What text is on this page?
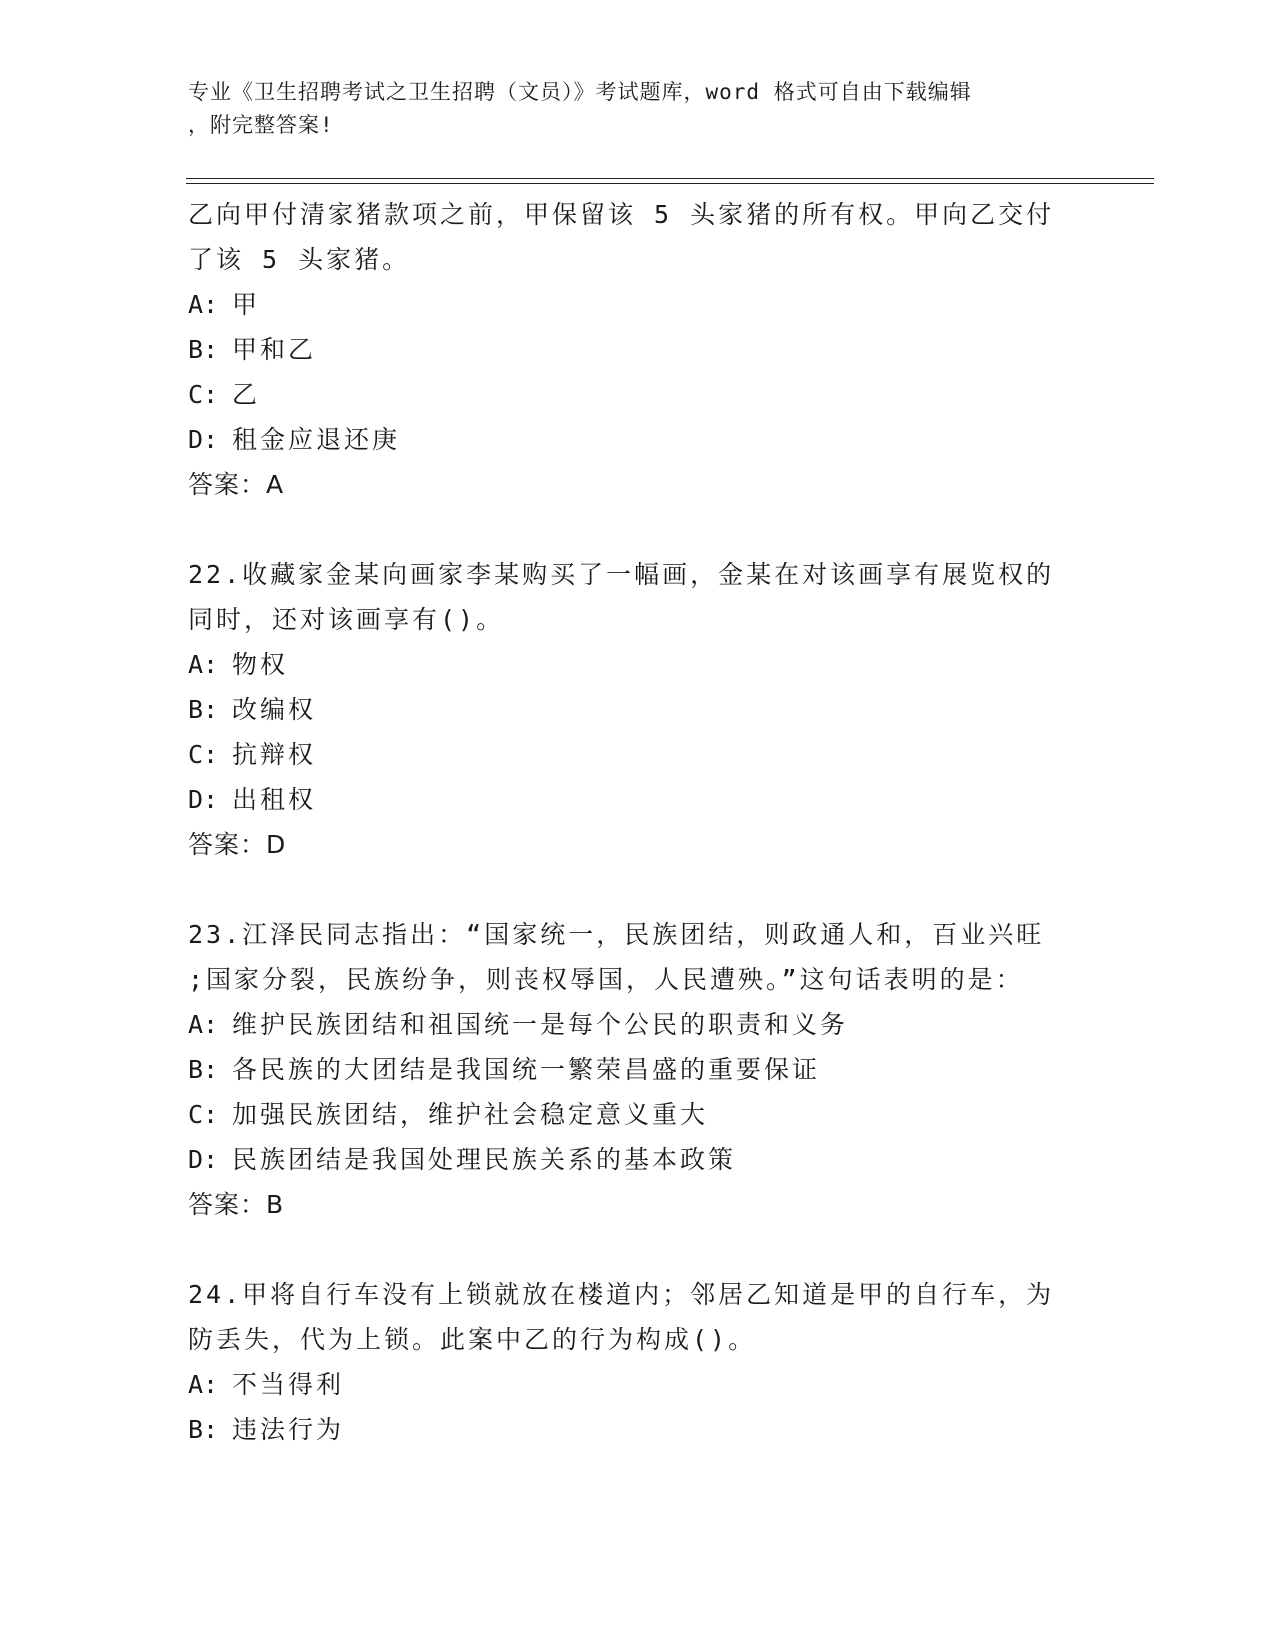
专业《卫生招聘考试之卫生招聘（文员）》考试题库，word 格式可自由下载编辑
，附完整答案!
乙向甲付清家猪款项之前，甲保留该 5 头家猪的所有权。甲向乙交付
了该 5 头家猪。
A: 甲
B: 甲和乙
C: 乙
D: 租金应退还庚
答案：A
22.收藏家金某向画家李某购买了一幅画，金某在对该画享有展览权的
同时，还对该画享有()。
A: 物权
B: 改编权
C: 抗辩权
D: 出租权
答案：D
23.江泽民同志指出：“国家统一，民族团结，则政通人和，百业兴旺
;国家分裂，民族纷争，则丧权辱国，人民遭殃。”这句话表明的是：
A: 维护民族团结和祖国统一是每个公民的职责和义务
B: 各民族的大团结是我国统一繁荣昌盛的重要保证
C: 加强民族团结，维护社会稳定意义重大
D: 民族团结是我国处理民族关系的基本政策
答案：B
24.甲将自行车没有上锁就放在楼道内；邻居乙知道是甲的自行车，为
防丢失，代为上锁。此案中乙的行为构成()。
A: 不当得利
B: 违法行为
